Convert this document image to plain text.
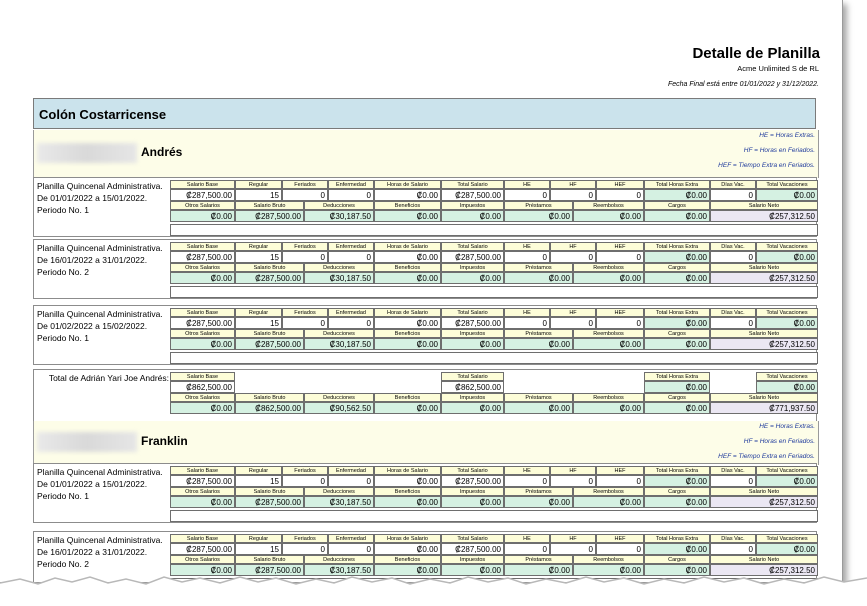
Detalle de Planilla
Acme Unlimited S de RL
Fecha Final está entre 01/01/2022 y 31/12/2022.
Colón Costarricense
HE = Horas Extras.
HF = Horas en Feriados.
HEF = Tiempo Extra en Feriados.
Andrés
Planilla Quincenal Administrativa. De 01/01/2022 a 15/01/2022. Periodo No. 1
Salario Base
₡287,500.00
Regular
15
Feriados
0
Enfermedad
0
Horas de Salario
₡0.00
Total Salario
₡287,500.00
HE
0
HF
0
HEF
0
Total Horas Extra
₡0.00
Días Vac.
0
Total Vacaciones
₡0.00
Otros Salarios
₡0.00
Salario Bruto
₡287,500.00
Deducciones
₡30,187.50
Beneficios
₡0.00
Impuestos
₡0.00
Préstamos
₡0.00
Reembolsos
₡0.00
Cargos
₡0.00
Salario Neto
₡257,312.50
Planilla Quincenal Administrativa. De 16/01/2022 a 31/01/2022. Periodo No. 2
Salario Base
₡287,500.00
Regular
15
Feriados
0
Enfermedad
0
Horas de Salario
₡0.00
Total Salario
₡287,500.00
HE
0
HF
0
HEF
0
Total Horas Extra
₡0.00
Días Vac.
0
Total Vacaciones
₡0.00
Otros Salarios
₡0.00
Salario Bruto
₡287,500.00
Deducciones
₡30,187.50
Beneficios
₡0.00
Impuestos
₡0.00
Préstamos
₡0.00
Reembolsos
₡0.00
Cargos
₡0.00
Salario Neto
₡257,312.50
Planilla Quincenal Administrativa. De 01/02/2022 a 15/02/2022. Periodo No. 1
Salario Base
₡287,500.00
Regular
15
Feriados
0
Enfermedad
0
Horas de Salario
₡0.00
Total Salario
₡287,500.00
HE
0
HF
0
HEF
0
Total Horas Extra
₡0.00
Días Vac.
0
Total Vacaciones
₡0.00
Otros Salarios
₡0.00
Salario Bruto
₡287,500.00
Deducciones
₡30,187.50
Beneficios
₡0.00
Impuestos
₡0.00
Préstamos
₡0.00
Reembolsos
₡0.00
Cargos
₡0.00
Salario Neto
₡257,312.50
Total de Adrián Yari Joe Andrés:	Salario Base
₡862,500.00
Total Salario
₡862,500.00
Total Horas Extra
₡0.00
Total Vacaciones
₡0.00
Otros Salarios
₡0.00
Salario Bruto
₡862,500.00
Deducciones
₡90,562.50
Beneficios
₡0.00
Impuestos
₡0.00
Préstamos
₡0.00
Reembolsos
₡0.00
Cargos
₡0.00
Salario Neto
₡771,937.50
HE = Horas Extras.
HF = Horas en Feriados.
HEF = Tiempo Extra en Feriados.
Franklin
Planilla Quincenal Administrativa. De 01/01/2022 a 15/01/2022. Periodo No. 1
Salario Base
₡287,500.00
Regular
15
Feriados
0
Enfermedad
0
Horas de Salario
₡0.00
Total Salario
₡287,500.00
HE
0
HF
0
HEF
0
Total Horas Extra
₡0.00
Días Vac.
0
Total Vacaciones
₡0.00
Otros Salarios
₡0.00
Salario Bruto
₡287,500.00
Deducciones
₡30,187.50
Beneficios
₡0.00
Impuestos
₡0.00
Préstamos
₡0.00
Reembolsos
₡0.00
Cargos
₡0.00
Salario Neto
₡257,312.50
Planilla Quincenal Administrativa. De 16/01/2022 a 31/01/2022. Periodo No. 2
Salario Base
₡287,500.00
Regular
15
Feriados
0
Enfermedad
0
Horas de Salario
₡0.00
Total Salario
₡287,500.00
HE
0
HF
0
HEF
0
Total Horas Extra
₡0.00
Días Vac.
0
Total Vacaciones
₡0.00
Otros Salarios
₡0.00
Salario Bruto
₡287,500.00
Deducciones
₡30,187.50
Beneficios
₡0.00
Impuestos
₡0.00
Préstamos
₡0.00
Reembolsos
₡0.00
Cargos
₡0.00
Salario Neto
₡257,312.50
